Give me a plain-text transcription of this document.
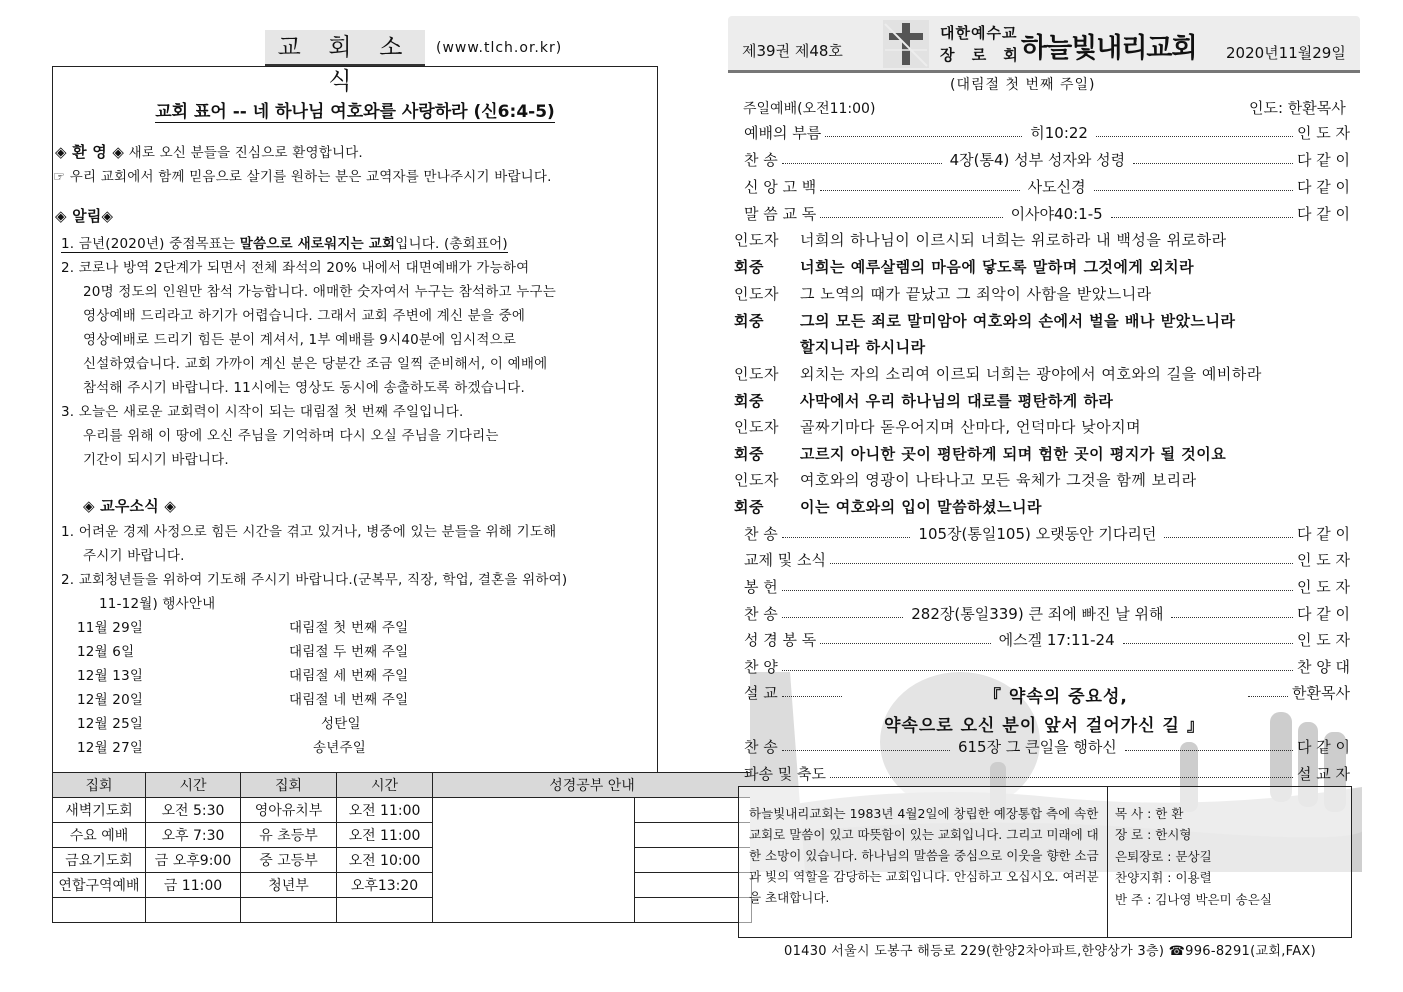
교 회 소 식
(www.tlch.or.kr)
교회 표어 -- 네 하나님 여호와를 사랑하라 (신6:4-5)
◈ 환 영 ◈ 새로 오신 분들을 진심으로 환영합니다.
☞ 우리 교회에서 함께 믿음으로 살기를 원하는 분은 교역자를 만나주시기 바랍니다.
◈ 알림◈
1. 금년(2020년) 중점목표는 말씀으로 새로워지는 교회입니다. (총회표어)
2. 코로나 방역 2단계가 되면서 전체 좌석의 20% 내에서 대면예배가 가능하여
20명 정도의 인원만 참석 가능합니다. 애매한 숫자여서 누구는 참석하고 누구는
영상예배 드리라고 하기가 어렵습니다. 그래서 교회 주변에 계신 분을 중에
영상예배로 드리기 힘든 분이 계셔서, 1부 예배를 9시40분에 임시적으로
신설하였습니다. 교회 가까이 계신 분은 당분간 조금 일찍 준비해서, 이 예배에
참석해 주시기 바랍니다. 11시에는 영상도 동시에 송출하도록 하겠습니다.
3. 오늘은 새로운 교회력이 시작이 되는 대림절 첫 번째 주일입니다.
우리를 위해 이 땅에 오신 주님을 기억하며 다시 오실 주님을 기다리는
기간이 되시기 바랍니다.
◈ 교우소식 ◈
1. 어려운 경제 사정으로 힘든 시간을 겪고 있거나, 병중에 있는 분들을 위해 기도해
주시기 바랍니다.
2. 교회청년들을 위하여 기도해 주시기 바랍니다.(군복무, 직장, 학업, 결혼을 위하여)
11-12월) 행사안내
11월 29일	대림절 첫 번째 주일
12월 6일	대림절 두 번째 주일
12월 13일	대림절 세 번째 주일
12월 20일	대림절 네 번째 주일
12월 25일	성탄일
12월 27일	송년주일
집회	시간	집회	시간	성경공부 안내	
새벽기도회	오전 5:30	영아유치부	오전 11:00		
수요 예배	오후 7:30	유 초등부	오전 11:00		
금요기도회	금 오후9:00	중 고등부	오전 10:00		
연합구역예배	금 11:00	청년부	오후13:20		

제39권 제48호
대한예수교
장 로 회
하늘빛내리교회 2020년11월29일
(대림절 첫 번째 주일)
주일예배(오전11:00)	인도: 한환목사
예배의 부름	히10:22	인 도 자
찬 송	4장(통4) 성부 성자와 성령	다 같 이
신 앙 고 백	사도신경	다 같 이
말 씀 교 독	이사야40:1-5	다 같 이
인도자 너희의 하나님이 이르시되 너희는 위로하라 내 백성을 위로하라
회중 너희는 예루살렘의 마음에 닿도록 말하며 그것에게 외치라
인도자 그 노역의 때가 끝났고 그 죄악이 사함을 받았느니라
회중 그의 모든 죄로 말미암아 여호와의 손에서 벌을 배나 받았느니라
할지니라 하시니라
인도자 외치는 자의 소리여 이르되 너희는 광야에서 여호와의 길을 예비하라
회중 사막에서 우리 하나님의 대로를 평탄하게 하라
인도자 골짜기마다 돋우어지며 산마다, 언덕마다 낮아지며
회중 고르지 아니한 곳이 평탄하게 되며 험한 곳이 평지가 될 것이요
인도자 여호와의 영광이 나타나고 모든 육체가 그것을 함께 보리라
회중 이는 여호와의 입이 말씀하셨느니라
찬 송	105장(통일105) 오랫동안 기다리던	다 같 이
교제 및 소식	인 도 자
봉 헌	인 도 자
찬 송	282장(통일339) 큰 죄에 빠진 날 위해	다 같 이
성 경 봉 독	에스겔 17:11-24	인 도 자
찬 양	찬 양 대
설 교	한환목사
『 약속의 중요성,
약속으로 오신 분이 앞서 걸어가신 길 』
찬 송	615장 그 큰일을 행하신	다 같 이
파송 및 축도	설 교 자
하늘빛내리교회는 1983년 4월2일에 창립한 예장통합 측에 속한 교회로 말씀이 있고 따뜻함이 있는 교회입니다. 그리고 미래에 대한 소망이 있습니다. 하나님의 말씀을 중심으로 이웃을 향한 소금과 빛의 역할을 감당하는 교회입니다. 안심하고 오십시오. 여러분을 초대합니다.
목 사 : 한 환
장 로 : 한시형
은퇴장로 : 문상길
찬양지휘 : 이용렬
반 주 : 김나영 박은미 송은실
01430 서울시 도봉구 해등로 229(한양2차아파트,한양상가 3층) ☎996-8291(교회,FAX)
